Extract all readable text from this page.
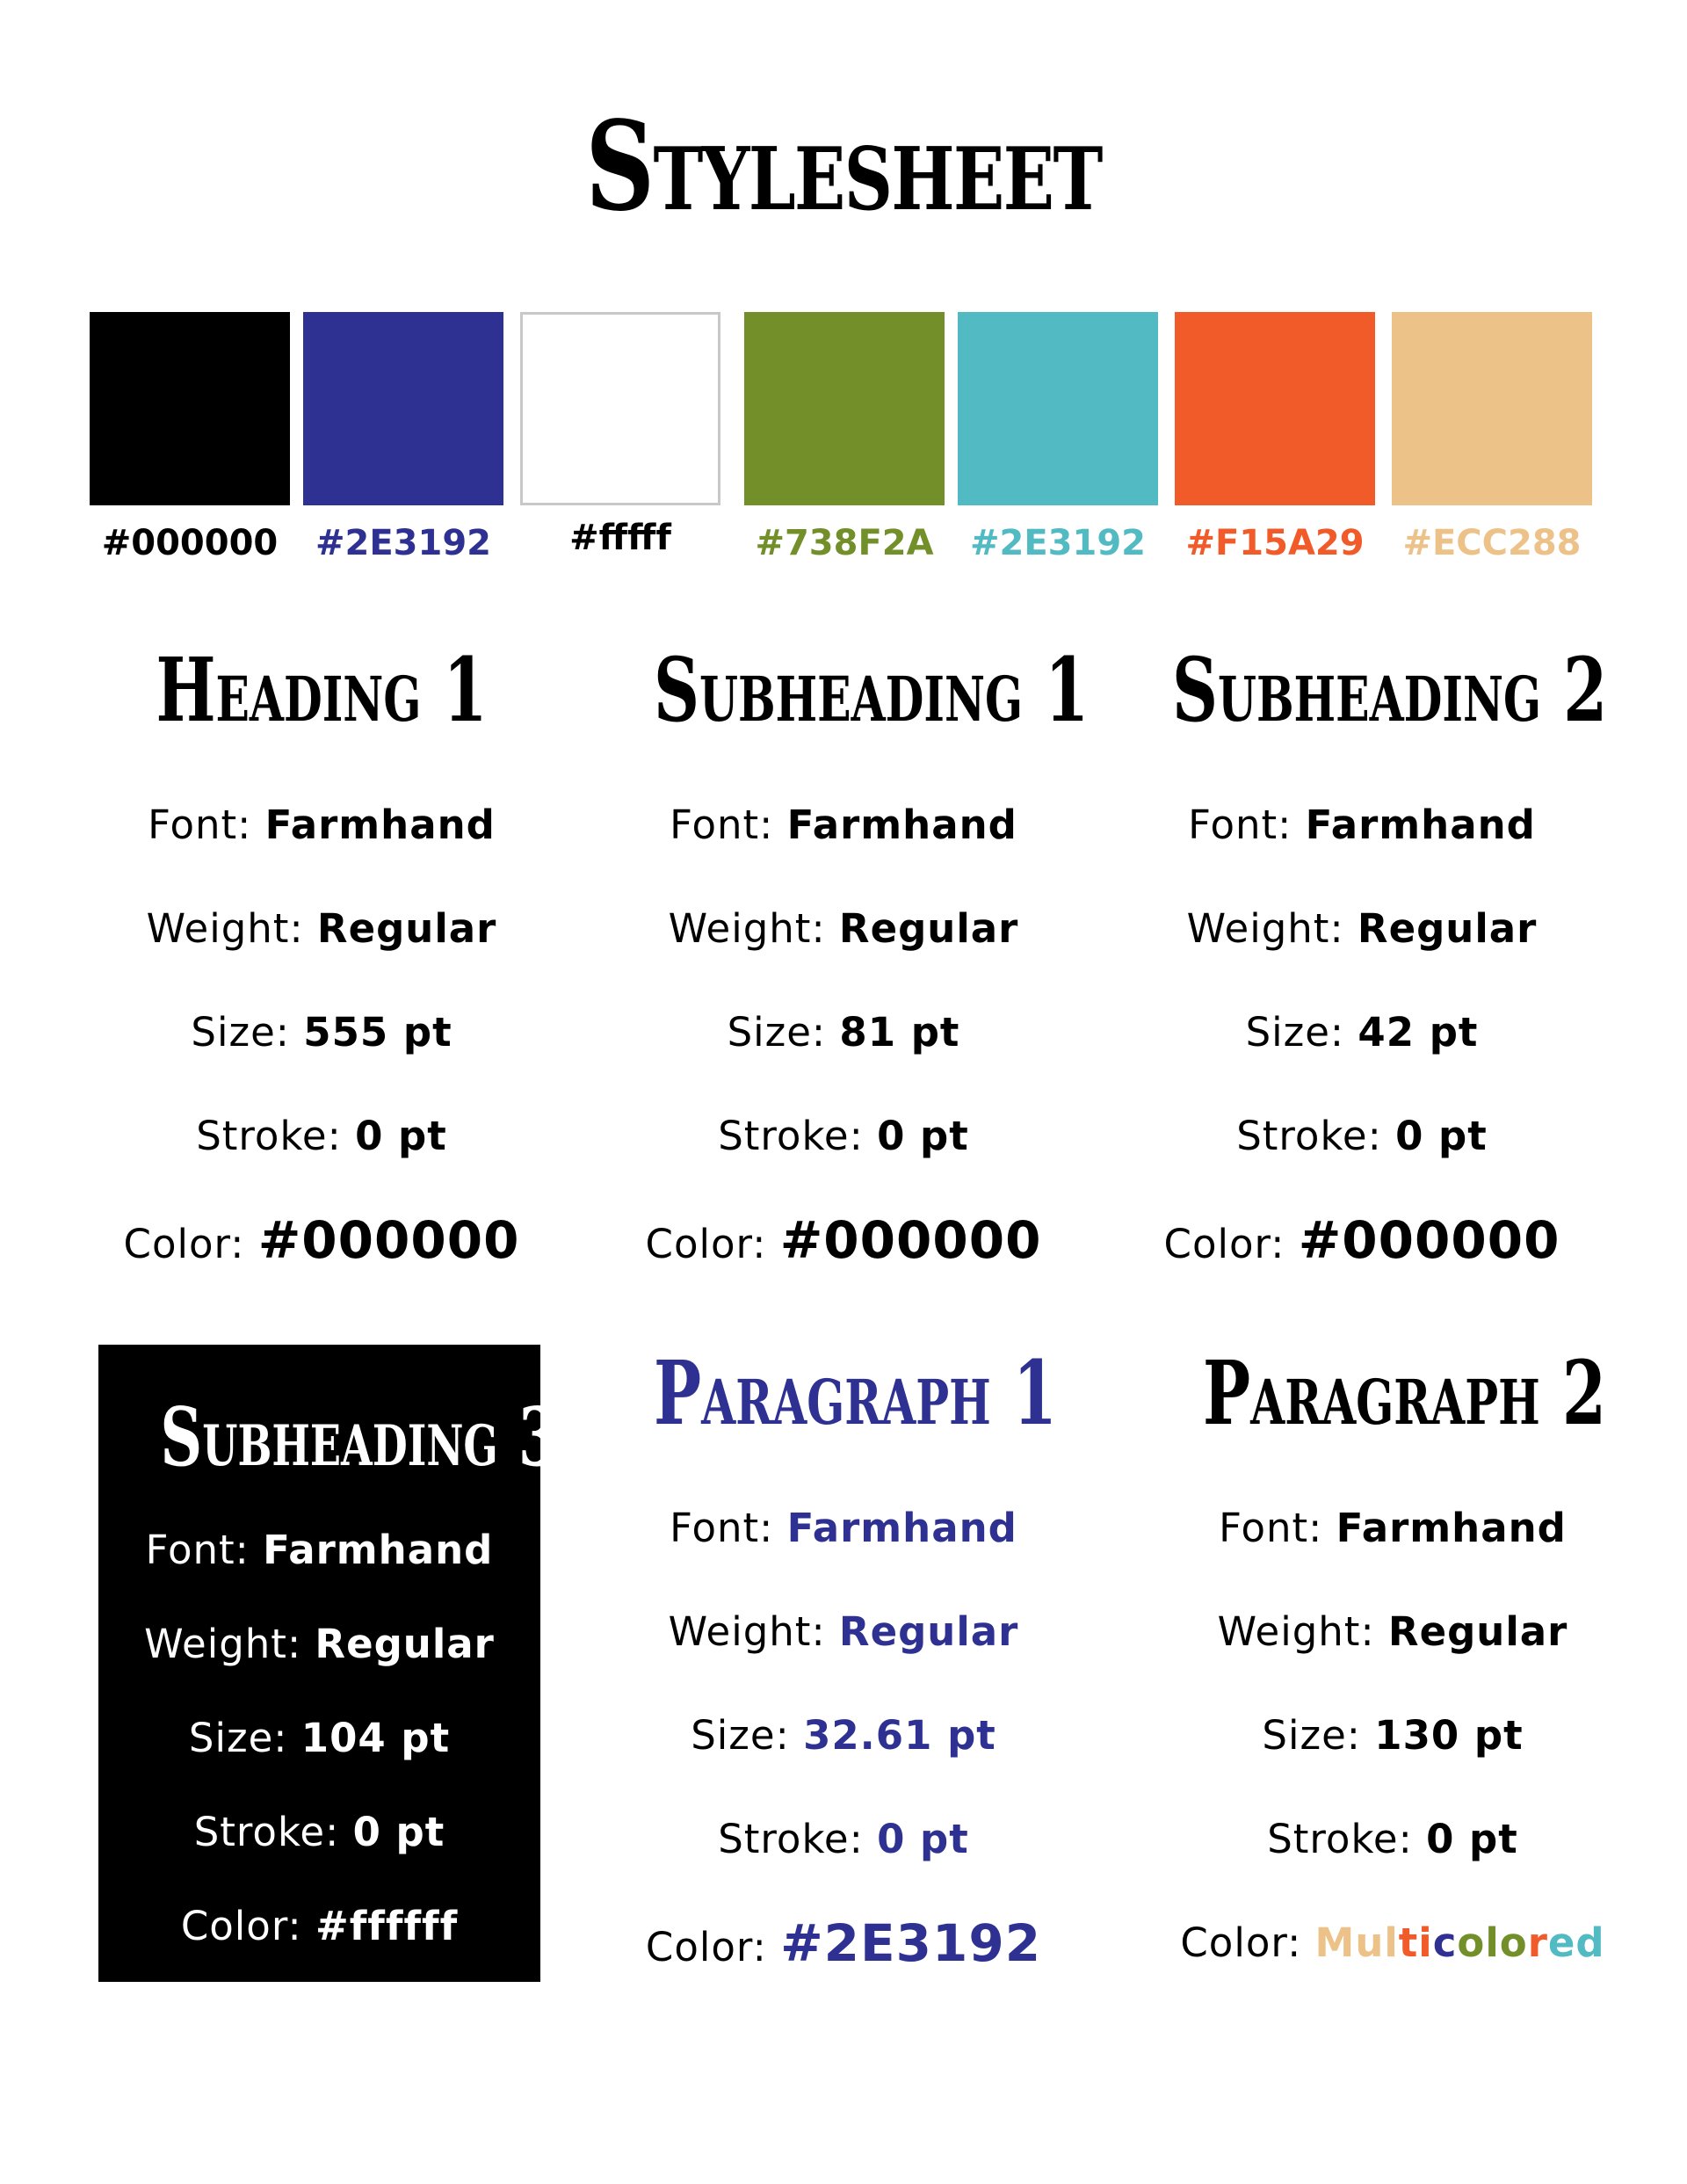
Stylesheet
#000000	#2E3192	#fffff	#738F2A	#2E3192	#F15A29	#ECC288
Heading 1
Font: Farmhand
Weight: Regular
Size: 555 pt
Stroke: 0 pt
Color: #000000
Subheading 1
Font: Farmhand
Weight: Regular
Size: 81 pt
Stroke: 0 pt
Color: #000000
Subheading 2
Font: Farmhand
Weight: Regular
Size: 42 pt
Stroke: 0 pt
Color: #000000
Subheading 3
Font: Farmhand
Weight: Regular
Size: 104 pt
Stroke: 0 pt
Color: #ffffff
Paragraph 1
Font: Farmhand
Weight: Regular
Size: 32.61 pt
Stroke: 0 pt
Color: #2E3192
Paragraph 2
Font: Farmhand
Weight: Regular
Size: 130 pt
Stroke: 0 pt
Color: Multicolored
